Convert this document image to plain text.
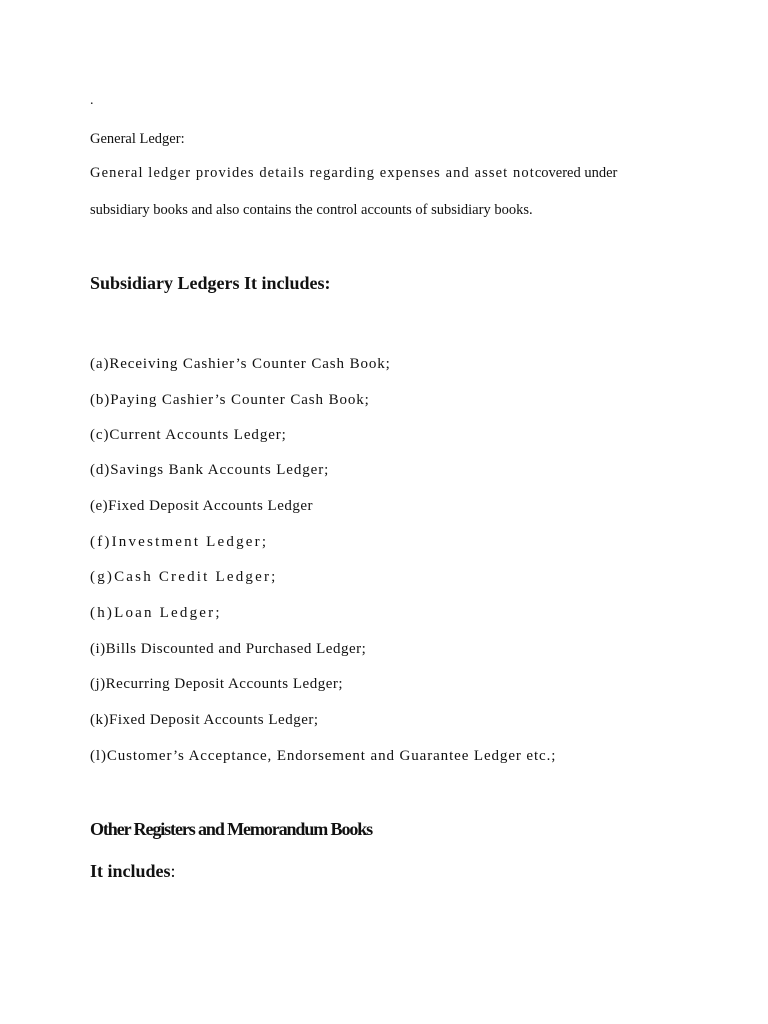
.
General Ledger:
General ledger provides details regarding expenses and asset notcovered under
subsidiary books and also contains the control accounts of subsidiary books.
Subsidiary Ledgers It includes:
(a)Receiving Cashier’s Counter Cash Book;
(b)Paying Cashier’s Counter Cash Book;
(c)Current Accounts Ledger;
(d)Savings Bank Accounts Ledger;
(e)Fixed Deposit Accounts Ledger
(f)Investment Ledger;
(g)Cash Credit Ledger;
(h)Loan Ledger;
(i)Bills Discounted and Purchased Ledger;
(j)Recurring Deposit Accounts Ledger;
(k)Fixed Deposit Accounts Ledger;
(l)Customer’s Acceptance, Endorsement and Guarantee Ledger etc.;
Other Registers and Memorandum Books
It includes:
